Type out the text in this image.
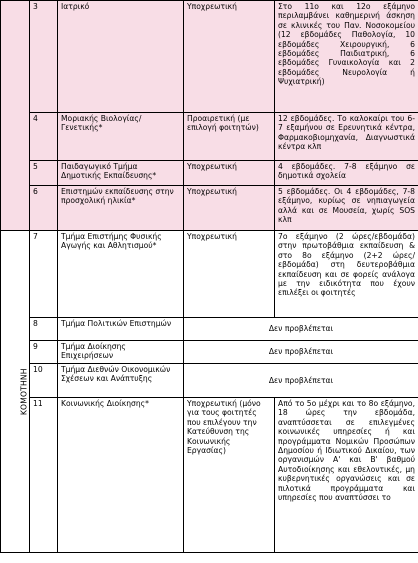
	3	Ιατρικό	Υποχρεωτική	Στο 11ο και 12ο εξάμηνο περιλαμβάνει καθημερινή άσκηση σε κλινικές του Παν. Νοσοκομείου (12 εβδομάδες Παθολογία, 10 εβδομάδες Χειρουργική, 6 εβδομάδες Παιδιατρική, 6 εβδομάδες Γυναικολογία και 2 εβδομάδες Νευρολογία ή Ψυχιατρική)
	4	Μοριακής Βιολογίας/Γενετικής*	Προαιρετική (με επιλογή φοιτητών)	12 εβδομάδες. Το καλοκαίρι του 6-7 εξαμήνου σε Ερευνητικά κέντρα, Φαρμακοβιομηχανία, Διαγνωστικά κέντρα κλπ
	5	Παιδαγωγικό Τμήμα Δημοτικής Εκπαίδευσης*	Υποχρεωτική	4 εβδομάδες. 7-8 εξάμηνο σε δημοτικά σχολεία
	6	Επιστημών εκπαίδευσης στην προσχολική ηλικία*	Υποχρεωτική	5 εβδομάδες. Οι 4 εβδομάδες, 7-8 εξάμηνο, κυρίως σε νηπιαγωγεία αλλά και σε Μουσεία, χωρίς SOS κλπ
ΚΟΜΟΤΗΝΗ	7	Τμήμα Επιστήμης Φυσικής Αγωγής και Αθλητισμού*	Υποχρεωτική	7ο εξάμηνο (2 ώρες/εβδομάδα) στην πρωτοβάθμια εκπαίδευση & στο 8ο εξάμηνο (2+2 ώρες/εβδομάδα) στη δευτεροβάθμια εκπαίδευση και σε φορείς ανάλογα με την ειδικότητα που έχουν επιλέξει οι φοιτητές
	8	Τμήμα Πολιτικών Επιστημών	Δεν προβλέπεται	
	9	Τμήμα Διοίκησης Επιχειρήσεων	Δεν προβλέπεται	
	10	Τμήμα Διεθνών Οικονομικών Σχέσεων και Ανάπτυξης	Δεν προβλέπεται	
	11	Κοινωνικής Διοίκησης*	Υποχρεωτική (μόνο για τους φοιτητές που επιλέγουν την Κατεύθυνση της Κοινωνικής Εργασίας)	Από το 5ο μέχρι και το 8ο εξάμηνο, 18 ώρες την εβδομάδα, αναπτύσσεται σε επιλεγμένες κοινωνικές υπηρεσίες ή και προγράμματα Νομικών Προσώπων Δημοσίου ή Ιδιωτικού Δικαίου, των οργανισμών Α' και Β' βαθμού Αυτοδιοίκησης και εθελοντικές, μη κυβερνητικές οργανώσεις και σε πιλοτικά προγράμματα και υπηρεσίες που αναπτύσσει το
